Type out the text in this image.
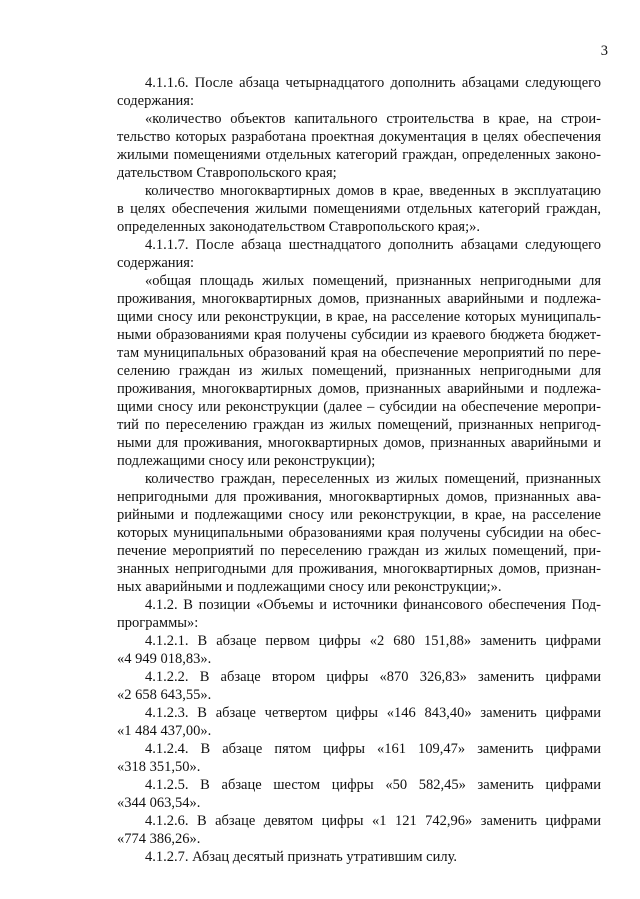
3
4.1.1.6. После абзаца четырнадцатого дополнить абзацами следующего
содержания:
«количество объектов капитального строительства в крае, на строи-
тельство которых разработана проектная документация в целях обеспечения
жилыми помещениями отдельных категорий граждан, определенных законо-
дательством Ставропольского края;
количество многоквартирных домов в крае, введенных в эксплуатацию
в целях обеспечения жилыми помещениями отдельных категорий граждан,
определенных законодательством Ставропольского края;».
4.1.1.7. После абзаца шестнадцатого дополнить абзацами следующего
содержания:
«общая площадь жилых помещений, признанных непригодными для
проживания, многоквартирных домов, признанных аварийными и подлежа-
щими сносу или реконструкции, в крае, на расселение которых муниципаль-
ными образованиями края получены субсидии из краевого бюджета бюджет-
там муниципальных образований края на обеспечение мероприятий по пере-
селению граждан из жилых помещений, признанных непригодными для
проживания, многоквартирных домов, признанных аварийными и подлежа-
щими сносу или реконструкции (далее – субсидии на обеспечение меропри-
тий по переселению граждан из жилых помещений, признанных непригод-
ными для проживания, многоквартирных домов, признанных аварийными и
подлежащими сносу или реконструкции);
количество граждан, переселенных из жилых помещений, признанных
непригодными для проживания, многоквартирных домов, признанных ава-
рийными и подлежащими сносу или реконструкции, в крае, на расселение
которых муниципальными образованиями края получены субсидии на обес-
печение мероприятий по переселению граждан из жилых помещений, при-
знанных непригодными для проживания, многоквартирных домов, признан-
ных аварийными и подлежащими сносу или реконструкции;».
4.1.2. В позиции «Объемы и источники финансового обеспечения Под-
программы»:
4.1.2.1. В абзаце первом цифры «2 680 151,88» заменить цифрами
«4 949 018,83».
4.1.2.2. В абзаце втором цифры «870 326,83» заменить цифрами
«2 658 643,55».
4.1.2.3. В абзаце четвертом цифры «146 843,40» заменить цифрами
«1 484 437,00».
4.1.2.4. В абзаце пятом цифры «161 109,47» заменить цифрами
«318 351,50».
4.1.2.5. В абзаце шестом цифры «50 582,45» заменить цифрами
«344 063,54».
4.1.2.6. В абзаце девятом цифры «1 121 742,96» заменить цифрами
«774 386,26».
4.1.2.7. Абзац десятый признать утратившим силу.
